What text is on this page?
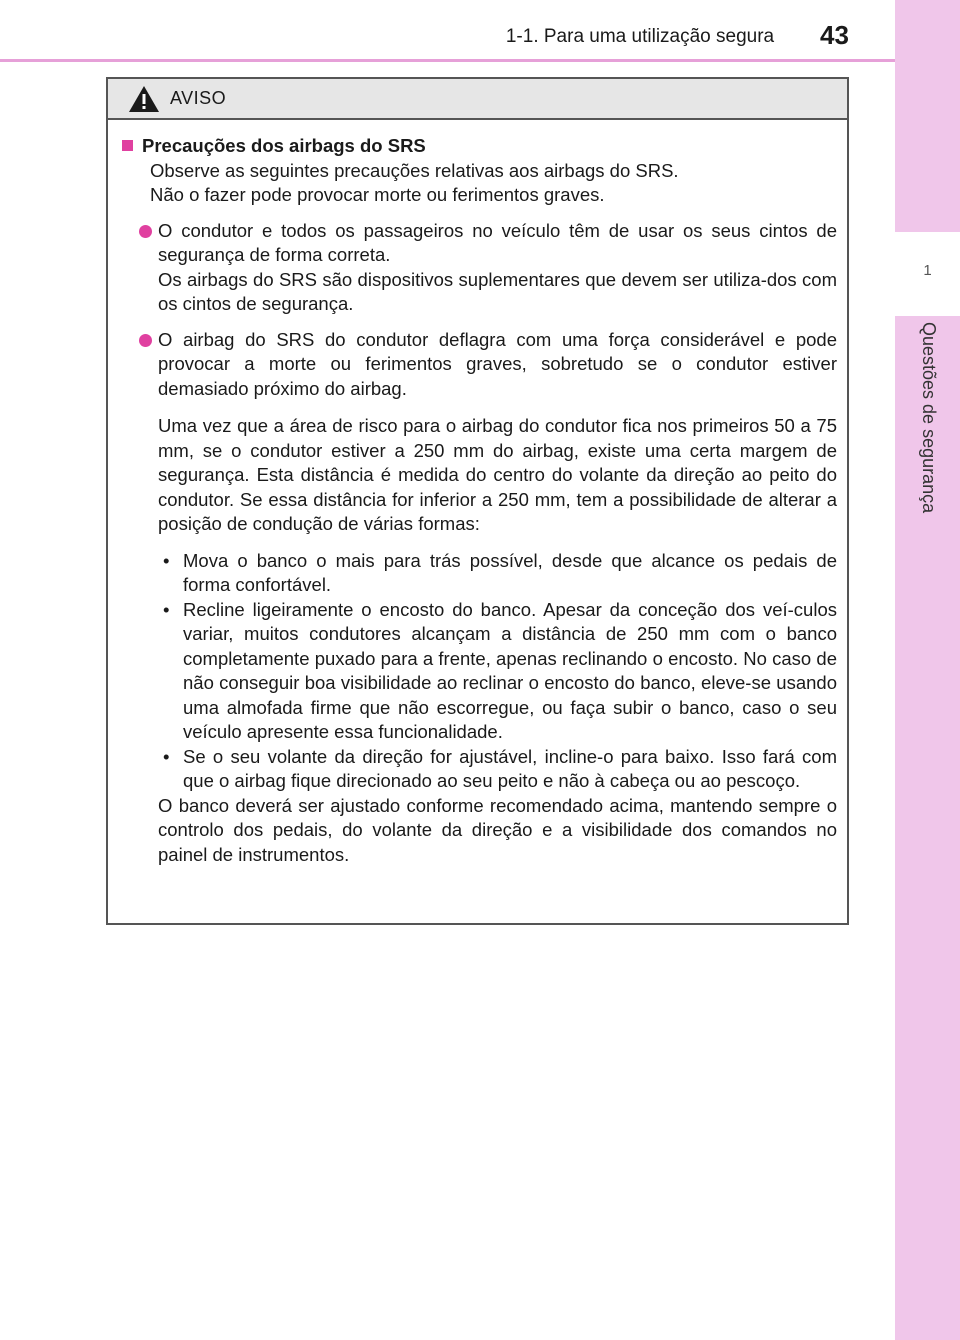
1-1. Para uma utilização segura	43
1
Questões de segurança
AVISO
Precauções dos airbags do SRS
Observe as seguintes precauções relativas aos airbags do SRS.
Não o fazer pode provocar morte ou ferimentos graves.
O condutor e todos os passageiros no veículo têm de usar os seus cintos de segurança de forma correta.
Os airbags do SRS são dispositivos suplementares que devem ser utiliza-dos com os cintos de segurança.
O airbag do SRS do condutor deflagra com uma força considerável e pode provocar a morte ou ferimentos graves, sobretudo se o condutor estiver demasiado próximo do airbag.
Uma vez que a área de risco para o airbag do condutor fica nos primeiros 50 a 75 mm, se o condutor estiver a 250 mm do airbag, existe uma certa margem de segurança. Esta distância é medida do centro do volante da direção ao peito do condutor. Se essa distância for inferior a 250 mm, tem a possibilidade de alterar a posição de condução de várias formas:
• Mova o banco o mais para trás possível, desde que alcance os pedais de forma confortável.
• Recline ligeiramente o encosto do banco. Apesar da conceção dos veí-culos variar, muitos condutores alcançam a distância de 250 mm com o banco completamente puxado para a frente, apenas reclinando o encosto. No caso de não conseguir boa visibilidade ao reclinar o encosto do banco, eleve-se usando uma almofada firme que não escorregue, ou faça subir o banco, caso o seu veículo apresente essa funcionalidade.
• Se o seu volante da direção for ajustável, incline-o para baixo. Isso fará com que o airbag fique direcionado ao seu peito e não à cabeça ou ao pescoço.
O banco deverá ser ajustado conforme recomendado acima, mantendo sempre o controlo dos pedais, do volante da direção e a visibilidade dos comandos no painel de instrumentos.
